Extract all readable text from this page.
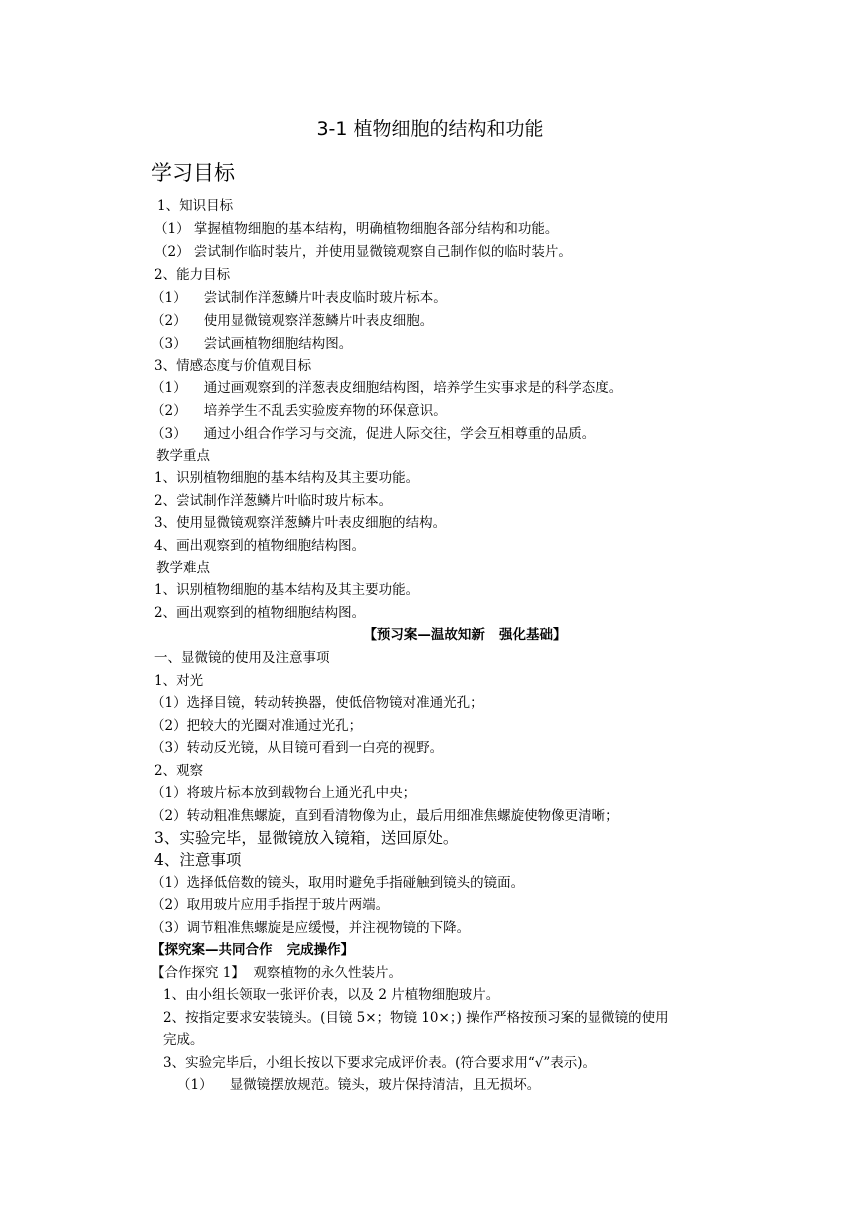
3-1 植物细胞的结构和功能
学习目标
1、知识目标
（1） 掌握植物细胞的基本结构，明确植物细胞各部分结构和功能。
（2） 尝试制作临时装片，并使用显微镜观察自己制作似的临时装片。
2、能力目标
（1）    尝试制作洋葱鳞片叶表皮临时玻片标本。
（2）    使用显微镜观察洋葱鳞片叶表皮细胞。
（3）    尝试画植物细胞结构图。
3、情感态度与价值观目标
（1）    通过画观察到的洋葱表皮细胞结构图，培养学生实事求是的科学态度。
（2）    培养学生不乱丢实验废弃物的环保意识。
（3）    通过小组合作学习与交流，促进人际交往，学会互相尊重的品质。
教学重点
1、识别植物细胞的基本结构及其主要功能。
2、尝试制作洋葱鳞片叶临时玻片标本。
3、使用显微镜观察洋葱鳞片叶表皮细胞的结构。
4、画出观察到的植物细胞结构图。
教学难点
1、识别植物细胞的基本结构及其主要功能。
2、画出观察到的植物细胞结构图。
【预习案—温故知新   强化基础】
一、显微镜的使用及注意事项
1、对光
（1）选择目镜，转动转换器，使低倍物镜对准通光孔；
（2）把较大的光圈对准通过光孔；
（3）转动反光镜，从目镜可看到一白亮的视野。
2、观察
（1）将玻片标本放到载物台上通光孔中央；
（2）转动粗准焦螺旋，直到看清物像为止，最后用细准焦螺旋使物像更清晰；
3、实验完毕，显微镜放入镜箱，送回原处。
4、注意事项
（1）选择低倍数的镜头，取用时避免手指碰触到镜头的镜面。
（2）取用玻片应用手指捏于玻片两端。
（3）调节粗准焦螺旋是应缓慢，并注视物镜的下降。
【探究案—共同合作   完成操作】
【合作探究 1】  观察植物的永久性装片。
1、由小组长领取一张评价表，以及 2 片植物细胞玻片。
2、按指定要求安装镜头。(目镜 5×；物镜 10×；) 操作严格按预习案的显微镜的使用
完成。
3、实验完毕后，小组长按以下要求完成评价表。(符合要求用“√”表示)。
（1）    显微镜摆放规范。镜头，玻片保持清洁，且无损坏。
